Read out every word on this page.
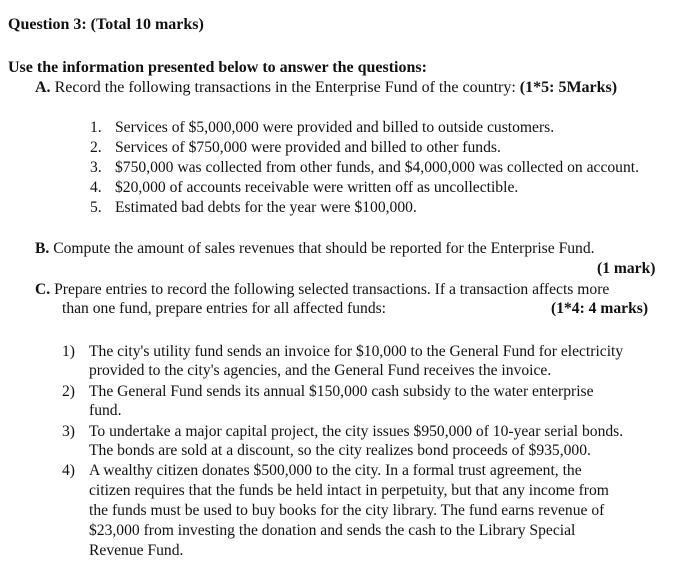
Question 3: (Total 10 marks)
Use the information presented below to answer the questions:
A. Record the following transactions in the Enterprise Fund of the country: (1*5: 5Marks)
1. Services of $5,000,000 were provided and billed to outside customers.
2. Services of $750,000 were provided and billed to other funds.
3. $750,000 was collected from other funds, and $4,000,000 was collected on account.
4. $20,000 of accounts receivable were written off as uncollectible.
5. Estimated bad debts for the year were $100,000.
B. Compute the amount of sales revenues that should be reported for the Enterprise Fund.
(1 mark)
C. Prepare entries to record the following selected transactions. If a transaction affects more
than one fund, prepare entries for all affected funds:	(1*4: 4 marks)
1) The city's utility fund sends an invoice for $10,000 to the General Fund for electricity
provided to the city's agencies, and the General Fund receives the invoice.
2) The General Fund sends its annual $150,000 cash subsidy to the water enterprise
fund.
3) To undertake a major capital project, the city issues $950,000 of 10-year serial bonds.
The bonds are sold at a discount, so the city realizes bond proceeds of $935,000.
4) A wealthy citizen donates $500,000 to the city. In a formal trust agreement, the
citizen requires that the funds be held intact in perpetuity, but that any income from
the funds must be used to buy books for the city library. The fund earns revenue of
$23,000 from investing the donation and sends the cash to the Library Special
Revenue Fund.
